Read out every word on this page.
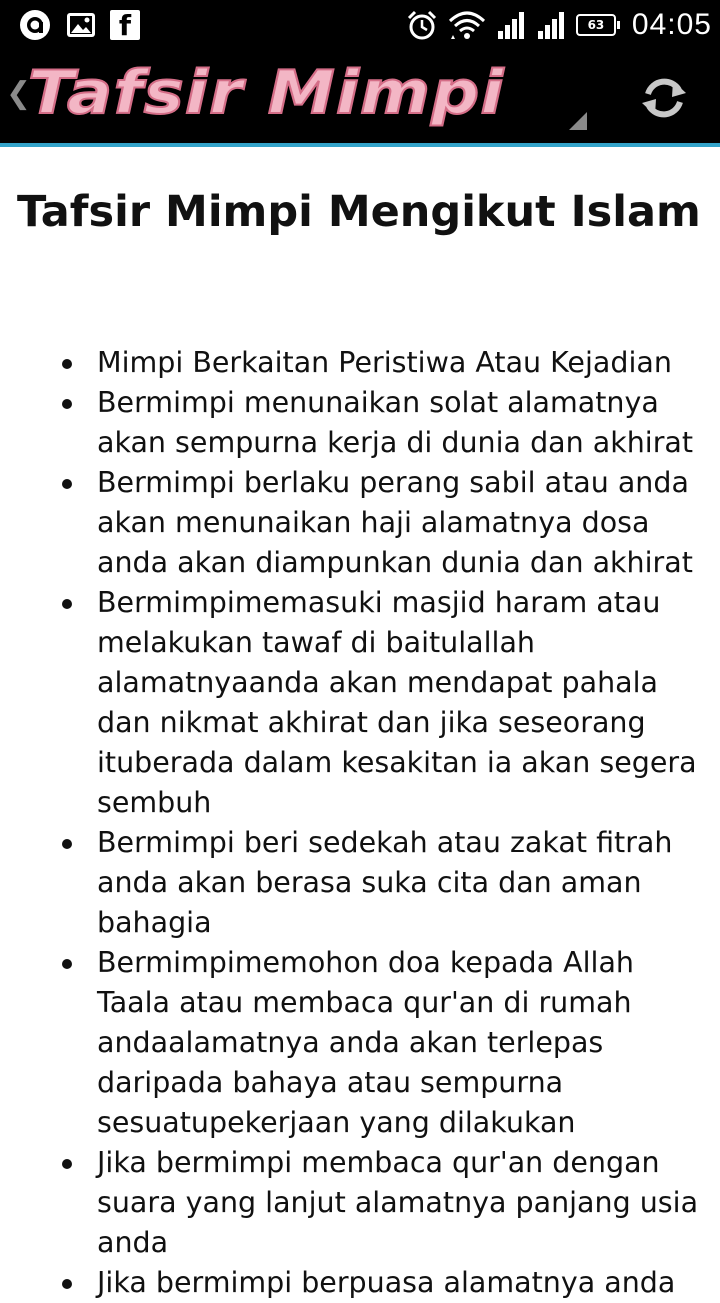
f	63 04:05
❮
Tafsir Mimpi
Tafsir Mimpi Mengikut Islam
Mimpi Berkaitan Peristiwa Atau Kejadian
Bermimpi menunaikan solat alamatnya akan sempurna kerja di dunia dan akhirat
Bermimpi berlaku perang sabil atau anda akan menunaikan haji alamatnya dosa anda akan diampunkan dunia dan akhirat
Bermimpimemasuki masjid haram atau melakukan tawaf di baitulallah alamatnyaanda akan mendapat pahala dan nikmat akhirat dan jika seseorang ituberada dalam kesakitan ia akan segera sembuh
Bermimpi beri sedekah atau zakat fitrah anda akan berasa suka cita dan aman bahagia
Bermimpimemohon doa kepada Allah Taala atau membaca qur'an di rumah andaalamatnya anda akan terlepas daripada bahaya atau sempurna sesuatupekerjaan yang dilakukan
Jika bermimpi membaca qur'an dengan suara yang lanjut alamatnya panjang usia anda
Jika bermimpi berpuasa alamatnya anda
